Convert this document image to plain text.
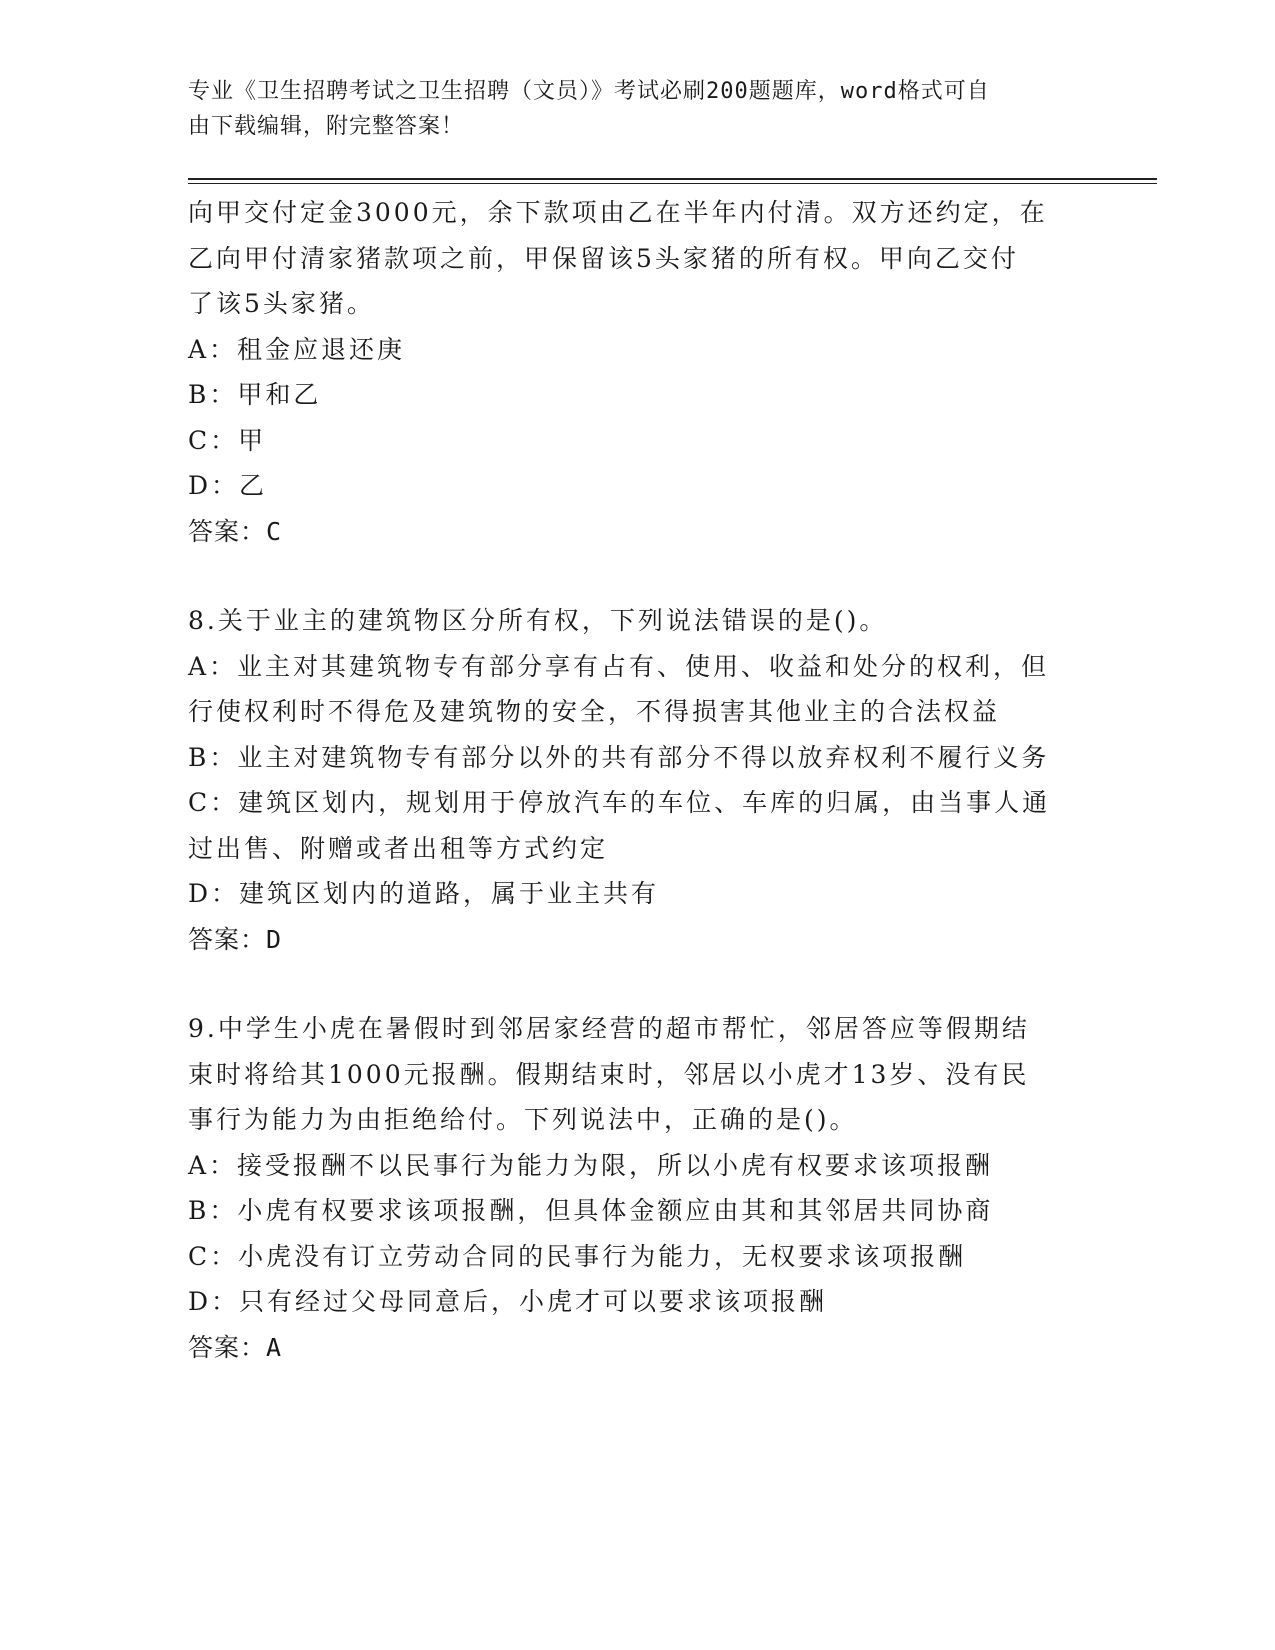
专业《卫生招聘考试之卫生招聘（文员）》考试必刷200题题库，word格式可自
由下载编辑，附完整答案！
向甲交付定金3000元，余下款项由乙在半年内付清。双方还约定，在
乙向甲付清家猪款项之前，甲保留该5头家猪的所有权。甲向乙交付
了该5头家猪。
A：租金应退还庚
B：甲和乙
C：甲
D：乙
答案：C
8.关于业主的建筑物区分所有权，下列说法错误的是()。
A：业主对其建筑物专有部分享有占有、使用、收益和处分的权利，但
行使权利时不得危及建筑物的安全，不得损害其他业主的合法权益
B：业主对建筑物专有部分以外的共有部分不得以放弃权利不履行义务
C：建筑区划内，规划用于停放汽车的车位、车库的归属，由当事人通
过出售、附赠或者出租等方式约定
D：建筑区划内的道路，属于业主共有
答案：D
9.中学生小虎在暑假时到邻居家经营的超市帮忙，邻居答应等假期结
束时将给其1000元报酬。假期结束时，邻居以小虎才13岁、没有民
事行为能力为由拒绝给付。下列说法中，正确的是()。
A：接受报酬不以民事行为能力为限，所以小虎有权要求该项报酬
B：小虎有权要求该项报酬，但具体金额应由其和其邻居共同协商
C：小虎没有订立劳动合同的民事行为能力，无权要求该项报酬
D：只有经过父母同意后，小虎才可以要求该项报酬
答案：A
